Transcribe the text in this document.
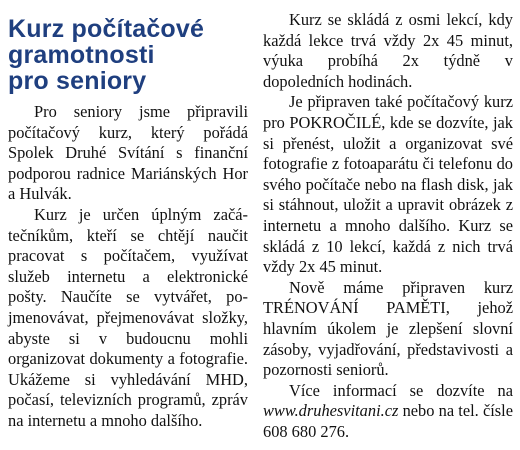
Kurz počítačové
gramotnosti
pro seniory

Pro seniory jsme připravili počítačový kurz, který pořádá Spolek Druhé Svítání s finanční podporou radnice Mariánských Hor a Hulvák.

Kurz je určen úplným začátečníkům, kteří se chtějí naučit pracovat s počítačem, využívat služeb internetu a elektronické pošty. Naučíte se vytvářet, pojmenovávat, přejmenovávat složky, abyste si v budoucnu mohli organizovat dokumenty a fotografie. Ukážeme si vyhledávání MHD, počasí, televizních programů, zpráv na internetu a mnoho dalšího.

Kurz se skládá z osmi lekcí, kdy každá lekce trvá vždy 2x 45 minut, výuka probíhá 2x týdně v dopoledních hodinách.

Je připraven také počítačový kurz pro POKROČILÉ, kde se dozvíte, jak si přenést, uložit a organizovat své fotografie z fotoaparátu či telefonu do svého počítače nebo na flash disk, jak si stáhnout, uložit a upravit obrázek z internetu a mnoho dalšího. Kurz se skládá z 10 lekcí, každá z nich trvá vždy 2x 45 minut.

Nově máme připraven kurz TRÉNOVÁNÍ PAMĚTI, jehož hlavním úkolem je zlepšení slovní zásoby, vyjadřování, představivosti a pozornosti seniorů.

Více informací se dozvíte na www.druhesvitani.cz nebo na tel. čísle 608 680 276.
